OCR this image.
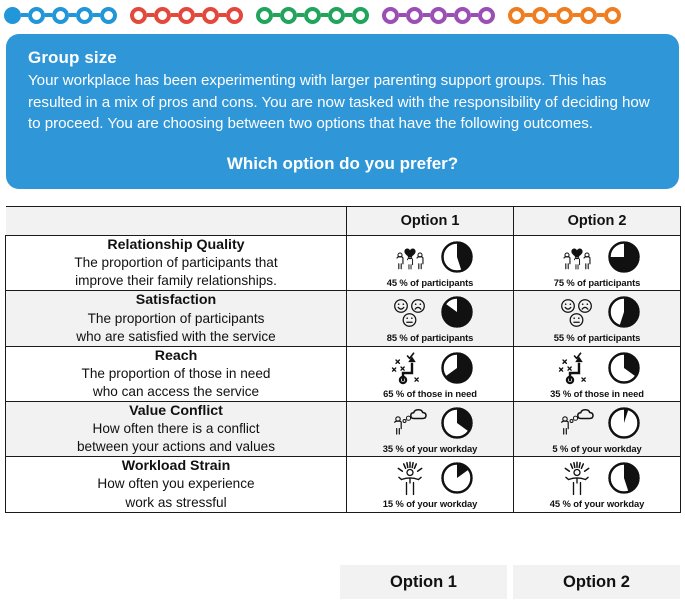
Group size
Your workplace has been experimenting with larger parenting support groups. This has resulted in a mix of pros and cons. You are now tasked with the responsibility of deciding how to proceed. You are choosing between two options that have the following outcomes.
Which option do you prefer?
	Option 1	Option 2

Relationship Quality
The proportion of participants that
improve their family relationships.	45 % of participants	75 % of participants

Satisfaction
The proportion of participants
who are satisfied with the service	85 % of participants	55 % of participants

Reach
The proportion of those in need
who can access the service	65 % of those in need	35 % of those in need

Value Conflict
How often there is a conflict
between your actions and values	35 % of your workday	5 % of your workday

Workload Strain
How often you experience
work as stressful	15 % of your workday	45 % of your workday
Option 1	Option 2
